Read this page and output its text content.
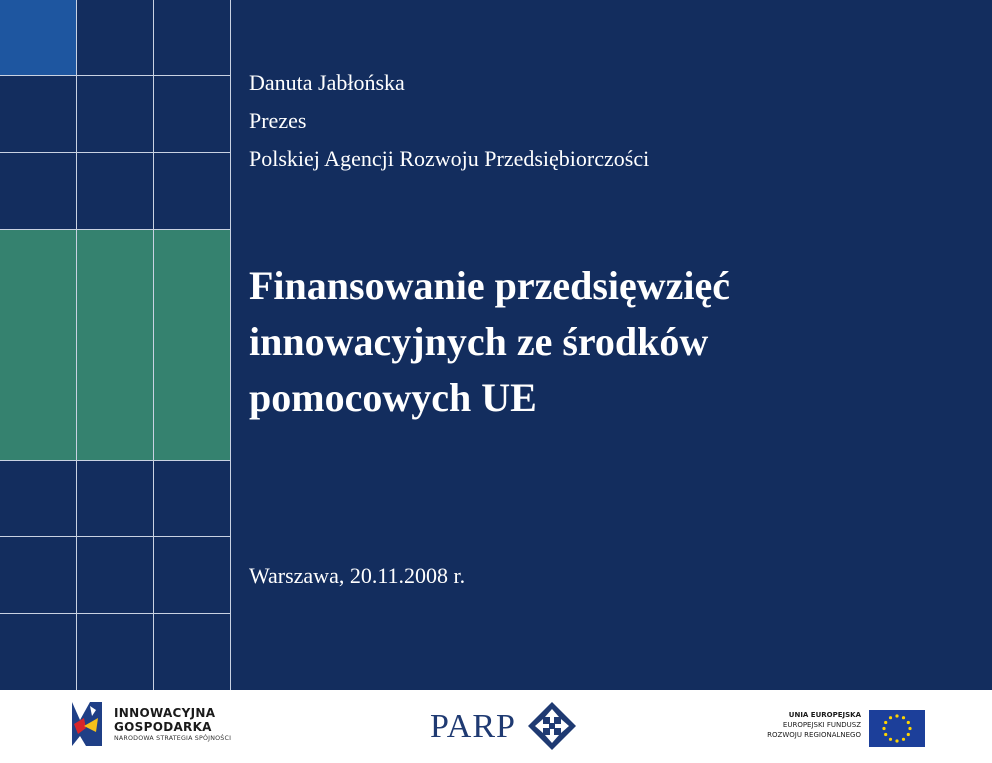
Danuta Jabłońska
Prezes
Polskiej Agencji Rozwoju Przedsiębiorczości
Finansowanie przedsięwzięć
innowacyjnych ze środków
pomocowych UE
Warszawa, 20.11.2008 r.
INNOWACYJNA
GOSPODARKA
NARODOWA STRATEGIA SPÓJNOŚCI	PARP	UNIA EUROPEJSKA
EUROPEJSKI FUNDUSZ
ROZWOJU REGIONALNEGO
